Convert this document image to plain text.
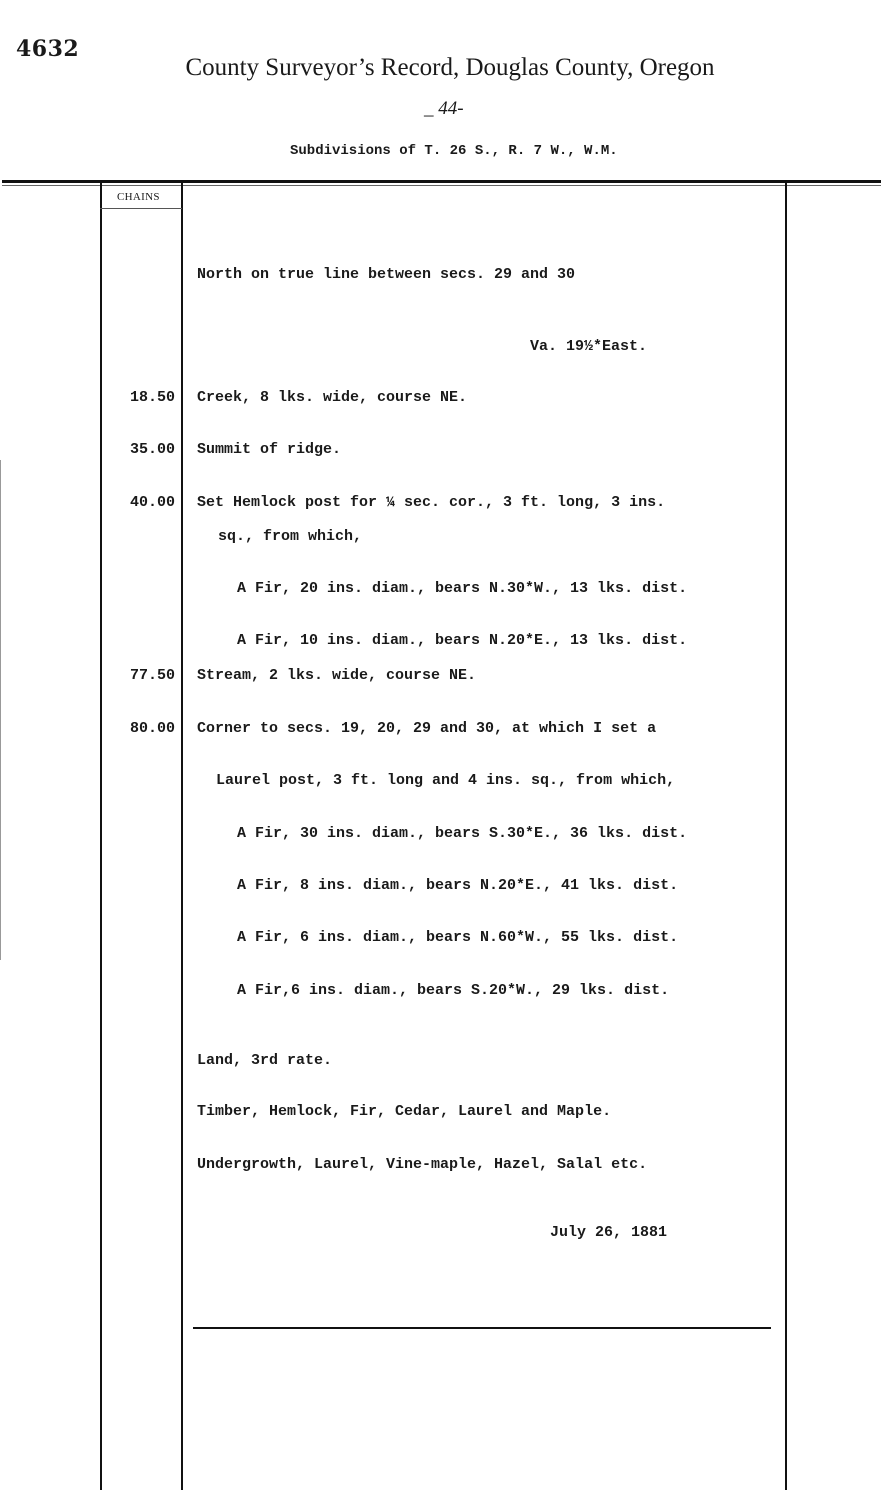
4632
County Surveyor’s Record, Douglas County, Oregon
_ 44-
Subdivisions of T. 26 S., R. 7 W., W.M.
CHAINS
North on true line between secs. 29 and 30
Va. 19½*East.
18.50 Creek, 8 lks. wide, course NE.
35.00 Summit of ridge.
40.00 Set Hemlock post for ¼ sec. cor., 3 ft. long, 3 ins.
sq., from which,
A Fir, 20 ins. diam., bears N.30*W., 13 lks. dist.
A Fir, 10 ins. diam., bears N.20*E., 13 lks. dist.
77.50 Stream, 2 lks. wide, course NE.
80.00 Corner to secs. 19, 20, 29 and 30, at which I set a
Laurel post, 3 ft. long and 4 ins. sq., from which,
A Fir, 30 ins. diam., bears S.30*E., 36 lks. dist.
A Fir, 8 ins. diam., bears N.20*E., 41 lks. dist.
A Fir, 6 ins. diam., bears N.60*W., 55 lks. dist.
A Fir,6 ins. diam., bears S.20*W., 29 lks. dist.
Land, 3rd rate.
Timber, Hemlock, Fir, Cedar, Laurel and Maple.
Undergrowth, Laurel, Vine-maple, Hazel, Salal etc.
July 26, 1881
